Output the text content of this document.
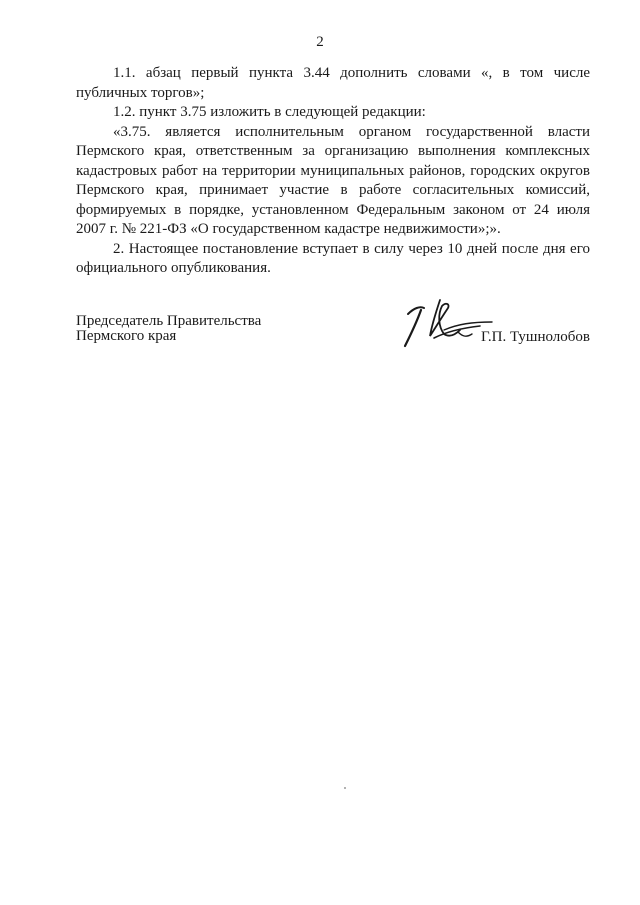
2

1.1. абзац первый пункта 3.44 дополнить словами «, в том числе публичных торгов»;

1.2. пункт 3.75 изложить в следующей редакции:

«3.75. является исполнительным органом государственной власти Пермского края, ответственным за организацию выполнения комплексных кадастровых работ на территории муниципальных районов, городских округов Пермского края, принимает участие в работе согласительных комиссий, формируемых в порядке, установленном Федеральным законом от 24 июля 2007 г. № 221-ФЗ «О государственном кадастре недвижимости»;».

2. Настоящее постановление вступает в силу через 10 дней после дня его официального опубликования.

Председатель Правительства
Пермского края	Г.П. Тушнолобов
